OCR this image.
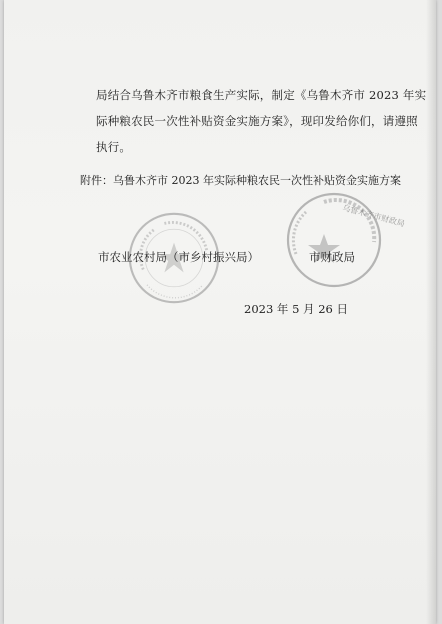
局结合乌鲁木齐市粮食生产实际，制定《乌鲁木齐市 2023 年实
际种粮农民一次性补贴资金实施方案》，现印发给你们，请遵照
执行。

附件：乌鲁木齐市 2023 年实际种粮农民一次性补贴资金实施方案
乌鲁木齐市财政局
市农业农村局（市乡村振兴局）	市财政局
2023 年 5 月 26 日
